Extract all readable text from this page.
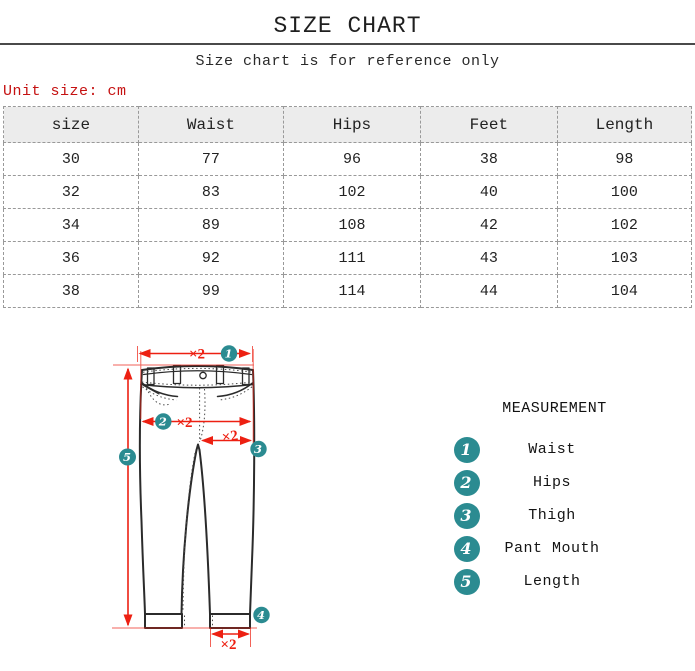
SIZE CHART
Size chart is for reference only
Unit size: cm
size	Waist	Hips	Feet	Length
30	77	96	38	98
32	83	102	40	100
34	89	108	42	102
36	92	111	43	103
38	99	114	44	104
×2
×2
×2
×2
1
2
3
4
5
MEASUREMENT
1	Waist
2	Hips
3	Thigh
4	Pant Mouth
5	Length
